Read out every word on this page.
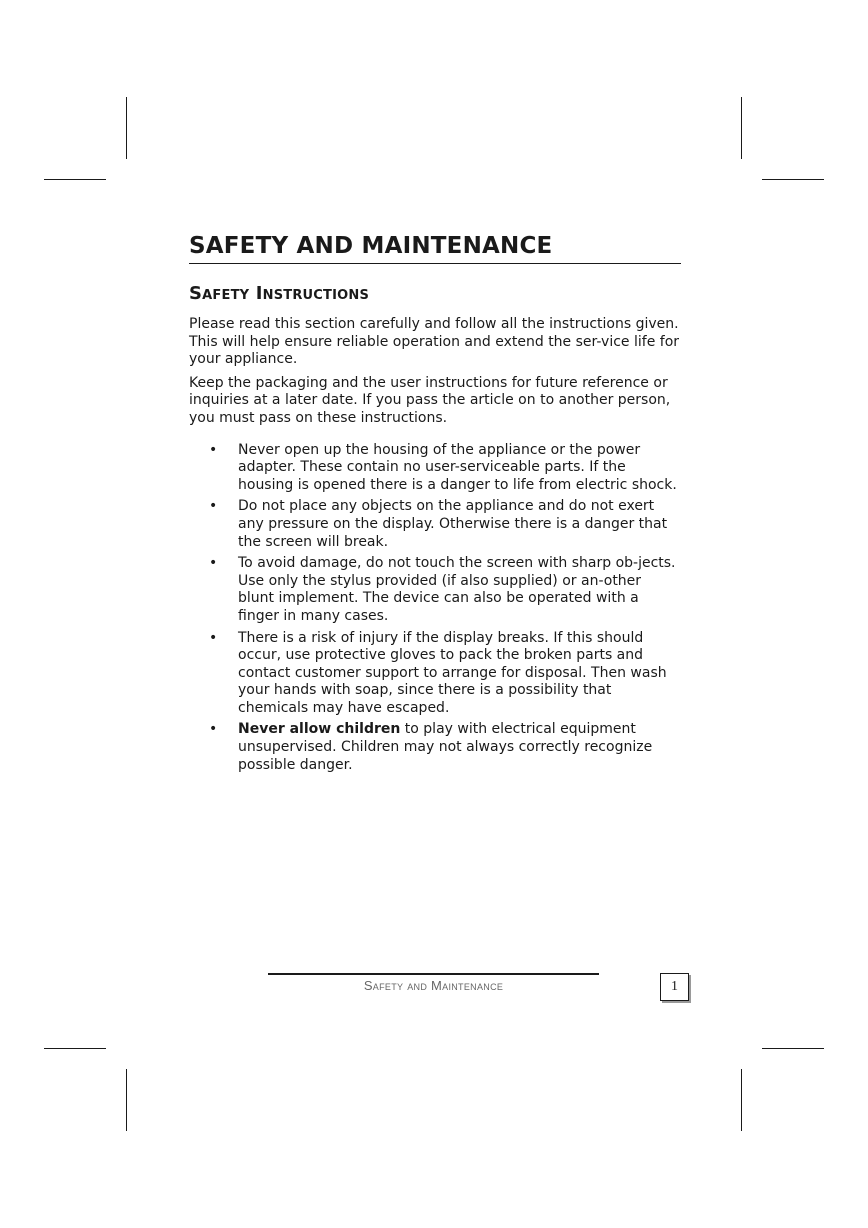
SAFETY AND MAINTENANCE
Safety Instructions

Please read this section carefully and follow all the instructions given. This will help ensure reliable operation and extend the ser-vice life for your appliance.

Keep the packaging and the user instructions for future reference or inquiries at a later date. If you pass the article on to another person, you must pass on these instructions.

• Never open up the housing of the appliance or the power adapter. These contain no user-serviceable parts. If the housing is opened there is a danger to life from electric shock.
• Do not place any objects on the appliance and do not exert any pressure on the display. Otherwise there is a danger that the screen will break.
• To avoid damage, do not touch the screen with sharp ob-jects. Use only the stylus provided (if also supplied) or an-other blunt implement. The device can also be operated with a finger in many cases.
• There is a risk of injury if the display breaks. If this should occur, use protective gloves to pack the broken parts and contact customer support to arrange for disposal. Then wash your hands with soap, since there is a possibility that chemicals may have escaped.
• Never allow children to play with electrical equipment unsupervised. Children may not always correctly recognize possible danger.
Safety and Maintenance	1
